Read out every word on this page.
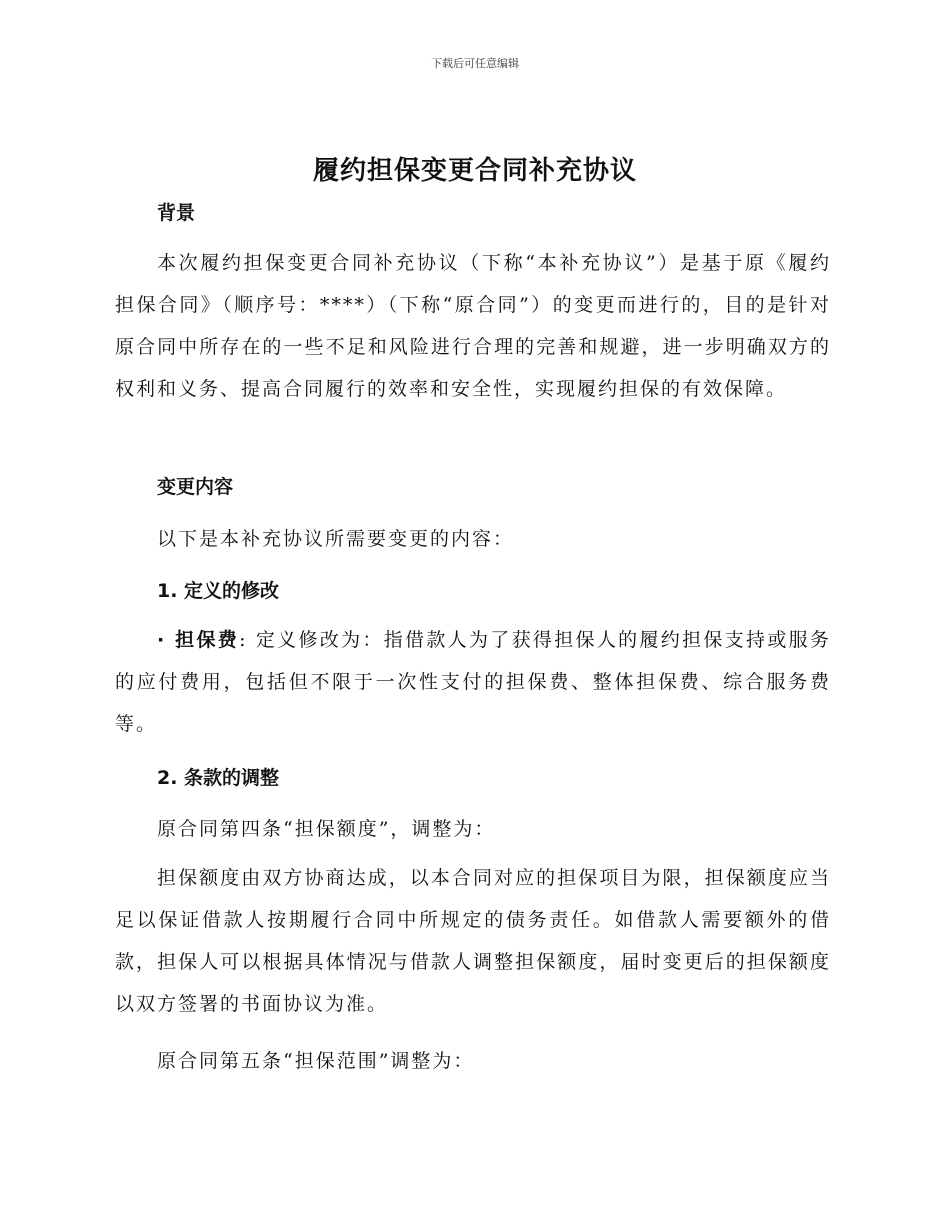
下载后可任意编辑
履约担保变更合同补充协议
背景
本次履约担保变更合同补充协议（下称“本补充协议”）是基于原《履约担保合同》（顺序号：****）（下称“原合同”）的变更而进行的，目的是针对原合同中所存在的一些不足和风险进行合理的完善和规避，进一步明确双方的权利和义务、提高合同履行的效率和安全性，实现履约担保的有效保障。
变更内容
以下是本补充协议所需要变更的内容：
1. 定义的修改
· 担保费: 定义修改为：指借款人为了获得担保人的履约担保支持或服务的应付费用，包括但不限于一次性支付的担保费、整体担保费、综合服务费等。
2. 条款的调整
原合同第四条“担保额度”，调整为：
担保额度由双方协商达成，以本合同对应的担保项目为限，担保额度应当足以保证借款人按期履行合同中所规定的债务责任。如借款人需要额外的借款，担保人可以根据具体情况与借款人调整担保额度，届时变更后的担保额度以双方签署的书面协议为准。
原合同第五条“担保范围”调整为：
